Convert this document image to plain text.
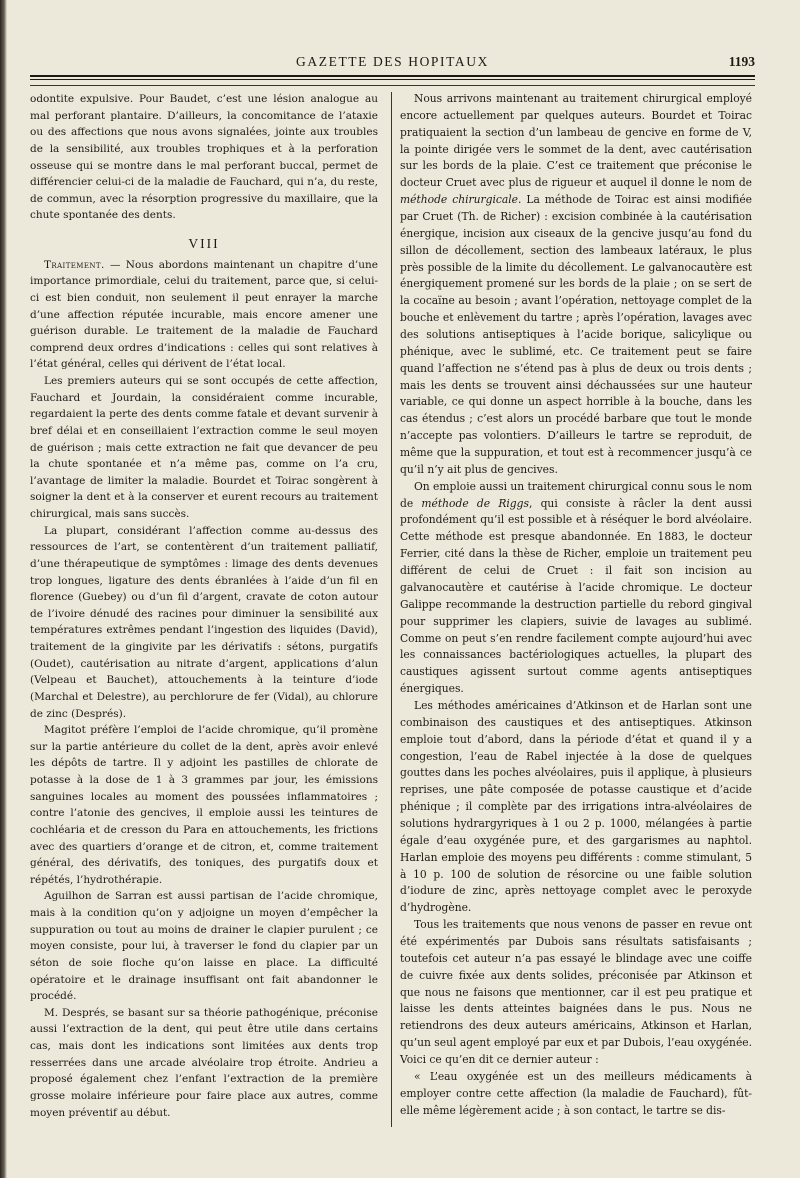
GAZETTE DES HOPITAUX	1193

odontite expulsive. Pour Baudet, c’est une lésion analogue au mal perforant plantaire. D’ailleurs, la concomitance de l’ataxie ou des affections que nous avons signalées, jointe aux troubles de la sensibilité, aux troubles trophiques et à la perforation osseuse qui se montre dans le mal perforant buccal, permet de différencier celui-ci de la maladie de Fauchard, qui n’a, du reste, de commun, avec la résorption progressive du maxillaire, que la chute spontanée des dents.

VIII

Traitement. — Nous abordons maintenant un chapitre d’une importance primordiale, celui du traitement, parce que, si celui-ci est bien conduit, non seulement il peut enrayer la marche d’une affection réputée incurable, mais encore amener une guérison durable. Le traitement de la maladie de Fauchard comprend deux ordres d’indications : celles qui sont relatives à l’état général, celles qui dérivent de l’état local.

Les premiers auteurs qui se sont occupés de cette affection, Fauchard et Jourdain, la considéraient comme incurable, regardaient la perte des dents comme fatale et devant survenir à bref délai et en conseillaient l’extraction comme le seul moyen de guérison ; mais cette extraction ne fait que devancer de peu la chute spontanée et n’a même pas, comme on l’a cru, l’avantage de limiter la maladie. Bourdet et Toirac songèrent à soigner la dent et à la conserver et eurent recours au traitement chirurgical, mais sans succès.

La plupart, considérant l’affection comme au-dessus des ressources de l’art, se contentèrent d’un traitement palliatif, d’une thérapeutique de symptômes : limage des dents devenues trop longues, ligature des dents ébranlées à l’aide d’un fil en florence (Guebey) ou d’un fil d’argent, cravate de coton autour de l’ivoire dénudé des racines pour diminuer la sensibilité aux températures extrêmes pendant l’ingestion des liquides (David), traitement de la gingivite par les dérivatifs : sétons, purgatifs (Oudet), cautérisation au nitrate d’argent, applications d’alun (Velpeau et Bauchet), attouchements à la teinture d’iode (Marchal et Delestre), au perchlorure de fer (Vidal), au chlorure de zinc (Després).

Magitot préfère l’emploi de l’acide chromique, qu’il promène sur la partie antérieure du collet de la dent, après avoir enlevé les dépôts de tartre. Il y adjoint les pastilles de chlorate de potasse à la dose de 1 à 3 grammes par jour, les émissions sanguines locales au moment des poussées inflammatoires ; contre l’atonie des gencives, il emploie aussi les teintures de cochléaria et de cresson du Para en attouchements, les frictions avec des quartiers d’orange et de citron, et, comme traitement général, des dérivatifs, des toniques, des purgatifs doux et répétés, l’hydrothérapie.

Aguilhon de Sarran est aussi partisan de l’acide chromique, mais à la condition qu’on y adjoigne un moyen d’empêcher la suppuration ou tout au moins de drainer le clapier purulent ; ce moyen consiste, pour lui, à traverser le fond du clapier par un séton de soie floche qu’on laisse en place. La difficulté opératoire et le drainage insuffisant ont fait abandonner le procédé.

M. Després, se basant sur sa théorie pathogénique, préconise aussi l’extraction de la dent, qui peut être utile dans certains cas, mais dont les indications sont limitées aux dents trop resserrées dans une arcade alvéolaire trop étroite. Andrieu a proposé également chez l’enfant l’extraction de la première grosse molaire inférieure pour faire place aux autres, comme moyen préventif au début.

Nous arrivons maintenant au traitement chirurgical employé encore actuellement par quelques auteurs. Bourdet et Toirac pratiquaient la section d’un lambeau de gencive en forme de V, la pointe dirigée vers le sommet de la dent, avec cautérisation sur les bords de la plaie. C’est ce traitement que préconise le docteur Cruet avec plus de rigueur et auquel il donne le nom de méthode chirurgicale. La méthode de Toirac est ainsi modifiée par Cruet (Th. de Richer) : excision combinée à la cautérisation énergique, incision aux ciseaux de la gencive jusqu’au fond du sillon de décollement, section des lambeaux latéraux, le plus près possible de la limite du décollement. Le galvanocautère est énergiquement promené sur les bords de la plaie ; on se sert de la cocaïne au besoin ; avant l’opération, nettoyage complet de la bouche et enlèvement du tartre ; après l’opération, lavages avec des solutions antiseptiques à l’acide borique, salicylique ou phénique, avec le sublimé, etc. Ce traitement peut se faire quand l’affection ne s’étend pas à plus de deux ou trois dents ; mais les dents se trouvent ainsi déchaussées sur une hauteur variable, ce qui donne un aspect horrible à la bouche, dans les cas étendus ; c’est alors un procédé barbare que tout le monde n’accepte pas volontiers. D’ailleurs le tartre se reproduit, de même que la suppuration, et tout est à recommencer jusqu’à ce qu’il n’y ait plus de gencives.

On emploie aussi un traitement chirurgical connu sous le nom de méthode de Riggs, qui consiste à râcler la dent aussi profondément qu’il est possible et à réséquer le bord alvéolaire. Cette méthode est presque abandonnée. En 1883, le docteur Ferrier, cité dans la thèse de Richer, emploie un traitement peu différent de celui de Cruet : il fait son incision au galvanocautère et cautérise à l’acide chromique. Le docteur Galippe recommande la destruction partielle du rebord gingival pour supprimer les clapiers, suivie de lavages au sublimé. Comme on peut s’en rendre facilement compte aujourd’hui avec les connaissances bactériologiques actuelles, la plupart des caustiques agissent surtout comme agents antiseptiques énergiques.

Les méthodes américaines d’Atkinson et de Harlan sont une combinaison des caustiques et des antiseptiques. Atkinson emploie tout d’abord, dans la période d’état et quand il y a congestion, l’eau de Rabel injectée à la dose de quelques gouttes dans les poches alvéolaires, puis il applique, à plusieurs reprises, une pâte composée de potasse caustique et d’acide phénique ; il complète par des irrigations intra-alvéolaires de solutions hydrargyriques à 1 ou 2 p. 1000, mélangées à partie égale d’eau oxygénée pure, et des gargarismes au naphtol. Harlan emploie des moyens peu différents : comme stimulant, 5 à 10 p. 100 de solution de résorcine ou une faible solution d’iodure de zinc, après nettoyage complet avec le peroxyde d’hydrogène.

Tous les traitements que nous venons de passer en revue ont été expérimentés par Dubois sans résultats satisfaisants ; toutefois cet auteur n’a pas essayé le blindage avec une coiffe de cuivre fixée aux dents solides, préconisée par Atkinson et que nous ne faisons que mentionner, car il est peu pratique et laisse les dents atteintes baignées dans le pus. Nous ne retiendrons des deux auteurs américains, Atkinson et Harlan, qu’un seul agent employé par eux et par Dubois, l’eau oxygénée. Voici ce qu’en dit ce dernier auteur :

« L’eau oxygénée est un des meilleurs médicaments à employer contre cette affection (la maladie de Fauchard), fût-elle même légèrement acide ; à son contact, le tartre se dis-
